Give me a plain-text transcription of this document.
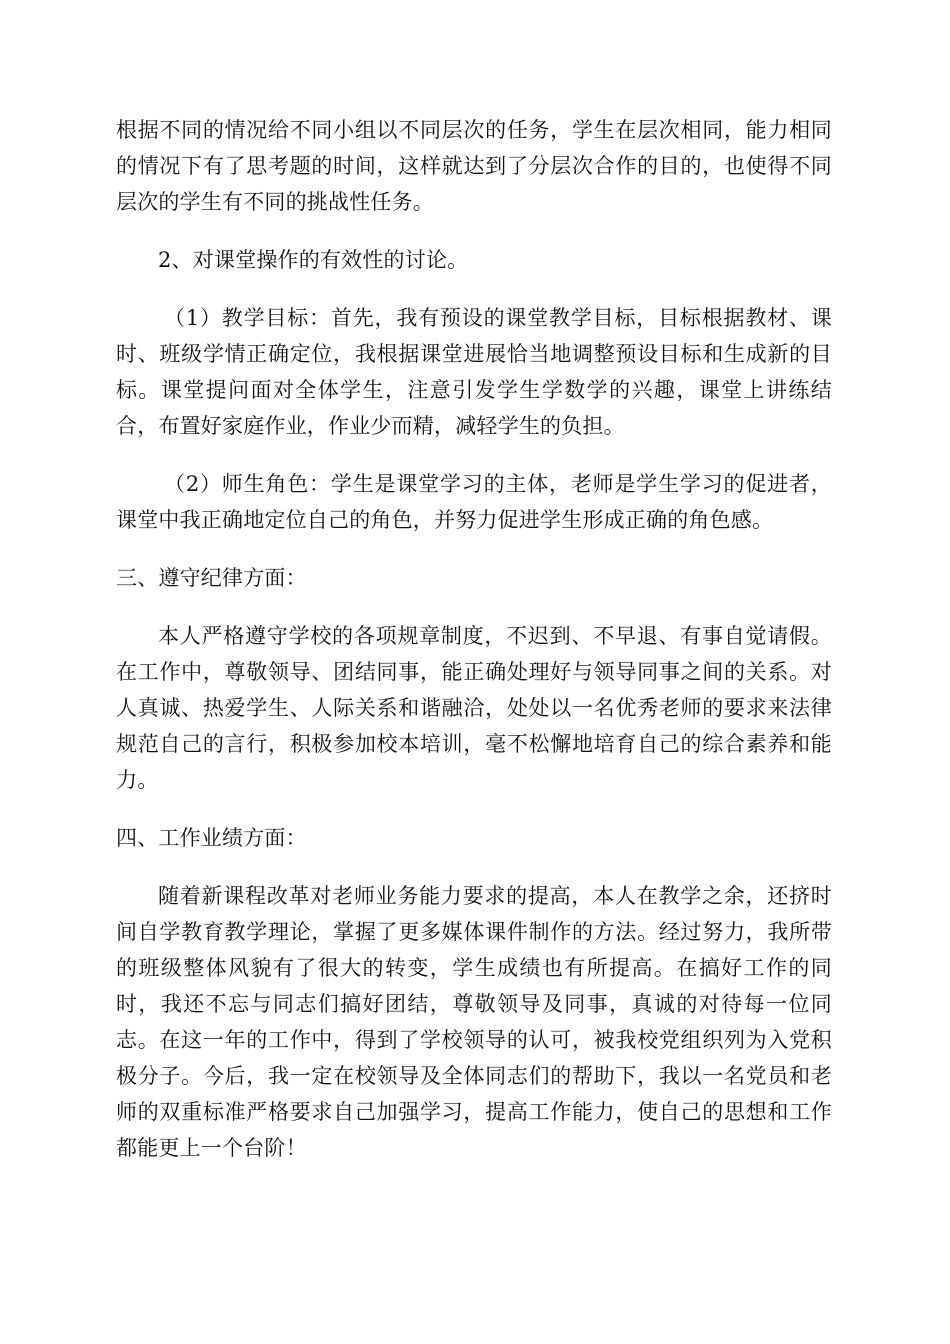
根据不同的情况给不同小组以不同层次的任务，学生在层次相同，能力相同的情况下有了思考题的时间，这样就达到了分层次合作的目的，也使得不同层次的学生有不同的挑战性任务。

2、对课堂操作的有效性的讨论。

（1）教学目标：首先，我有预设的课堂教学目标，目标根据教材、课时、班级学情正确定位，我根据课堂进展恰当地调整预设目标和生成新的目标。课堂提问面对全体学生，注意引发学生学数学的兴趣，课堂上讲练结合，布置好家庭作业，作业少而精，减轻学生的负担。

（2）师生角色：学生是课堂学习的主体，老师是学生学习的促进者，课堂中我正确地定位自己的角色，并努力促进学生形成正确的角色感。

三、遵守纪律方面：

本人严格遵守学校的各项规章制度，不迟到、不早退、有事自觉请假。在工作中，尊敬领导、团结同事，能正确处理好与领导同事之间的关系。对人真诚、热爱学生、人际关系和谐融洽，处处以一名优秀老师的要求来法律规范自己的言行，积极参加校本培训，毫不松懈地培育自己的综合素养和能力。

四、工作业绩方面：

随着新课程改革对老师业务能力要求的提高，本人在教学之余，还挤时间自学教育教学理论，掌握了更多媒体课件制作的方法。经过努力，我所带的班级整体风貌有了很大的转变，学生成绩也有所提高。在搞好工作的同时，我还不忘与同志们搞好团结，尊敬领导及同事，真诚的对待每一位同志。在这一年的工作中，得到了学校领导的认可，被我校党组织列为入党积极分子。今后，我一定在校领导及全体同志们的帮助下，我以一名党员和老师的双重标准严格要求自己加强学习，提高工作能力，使自己的思想和工作都能更上一个台阶！
